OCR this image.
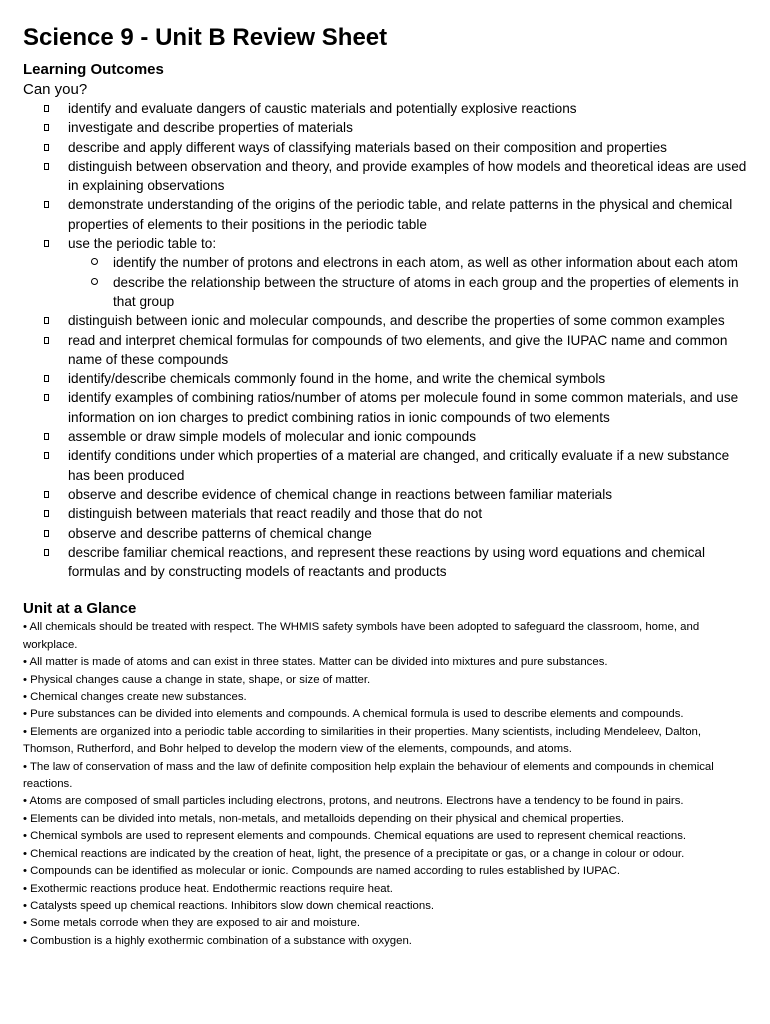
Science 9 - Unit B Review Sheet
Learning Outcomes
Can you?
identify and evaluate dangers of caustic materials and potentially explosive reactions
investigate and describe properties of materials
describe and apply different ways of classifying materials based on their composition and properties
distinguish between observation and theory, and provide examples of how models and theoretical ideas are used in explaining observations
demonstrate understanding of the origins of the periodic table, and relate patterns in the physical and chemical properties of elements to their positions in the periodic table
use the periodic table to:
identify the number of protons and electrons in each atom, as well as other information about each atom
describe the relationship between the structure of atoms in each group and the properties of elements in that group
distinguish between ionic and molecular compounds, and describe the properties of some common examples
read and interpret chemical formulas for compounds of two elements, and give the IUPAC name and common name of these compounds
identify/describe chemicals commonly found in the home, and write the chemical symbols
identify examples of combining ratios/number of atoms per molecule found in some common materials, and use information on ion charges to predict combining ratios in ionic compounds of two elements
assemble or draw simple models of molecular and ionic compounds
identify conditions under which properties of a material are changed, and critically evaluate if a new substance has been produced
observe and describe evidence of chemical change in reactions between familiar materials
distinguish between materials that react readily and those that do not
observe and describe patterns of chemical change
describe familiar chemical reactions, and represent these reactions by using word equations and chemical formulas and by constructing models of reactants and products
Unit at a Glance

• All chemicals should be treated with respect. The WHMIS safety symbols have been adopted to safeguard the classroom, home, and workplace.

• All matter is made of atoms and can exist in three states. Matter can be divided into mixtures and pure substances.

• Physical changes cause a change in state, shape, or size of matter.

• Chemical changes create new substances.

• Pure substances can be divided into elements and compounds. A chemical formula is used to describe elements and compounds.

• Elements are organized into a periodic table according to similarities in their properties. Many scientists, including Mendeleev, Dalton, Thomson, Rutherford, and Bohr helped to develop the modern view of the elements, compounds, and atoms.

• The law of conservation of mass and the law of definite composition help explain the behaviour of elements and compounds in chemical reactions.

• Atoms are composed of small particles including electrons, protons, and neutrons. Electrons have a tendency to be found in pairs.

• Elements can be divided into metals, non-metals, and metalloids depending on their physical and chemical properties.

• Chemical symbols are used to represent elements and compounds. Chemical equations are used to represent chemical reactions.

• Chemical reactions are indicated by the creation of heat, light, the presence of a precipitate or gas, or a change in colour or odour.

• Compounds can be identified as molecular or ionic. Compounds are named according to rules established by IUPAC.

• Exothermic reactions produce heat. Endothermic reactions require heat.

• Catalysts speed up chemical reactions. Inhibitors slow down chemical reactions.

• Some metals corrode when they are exposed to air and moisture.

• Combustion is a highly exothermic combination of a substance with oxygen.
